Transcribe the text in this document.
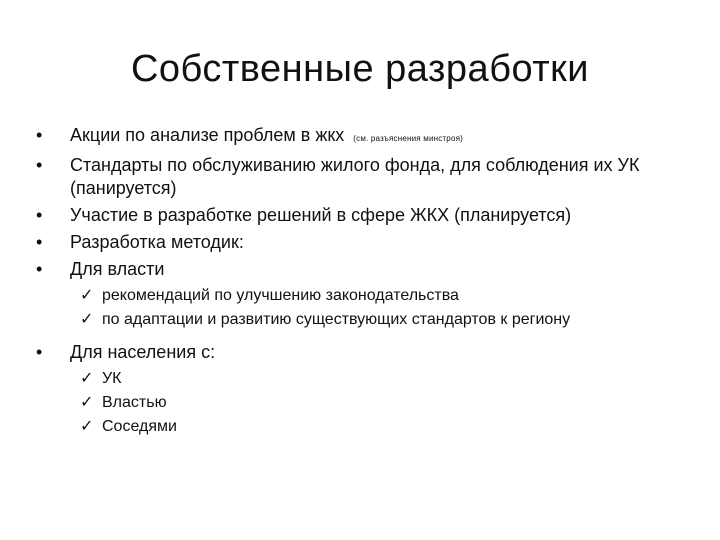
Собственные разработки
•	Акции по анализе проблем в жкх (см. разъяснения минстроя)
•	Стандарты по обслуживанию жилого фонда, для соблюдения их УК (панируется)
•	Участие в разработке решений в сфере ЖКХ (планируется)
•	Разработка методик:
•	Для власти
✓ рекомендаций по улучшению законодательства
✓ по адаптации и развитию существующих стандартов к региону
•	Для населения с:
✓ УК
✓ Властью
✓ Соседями
